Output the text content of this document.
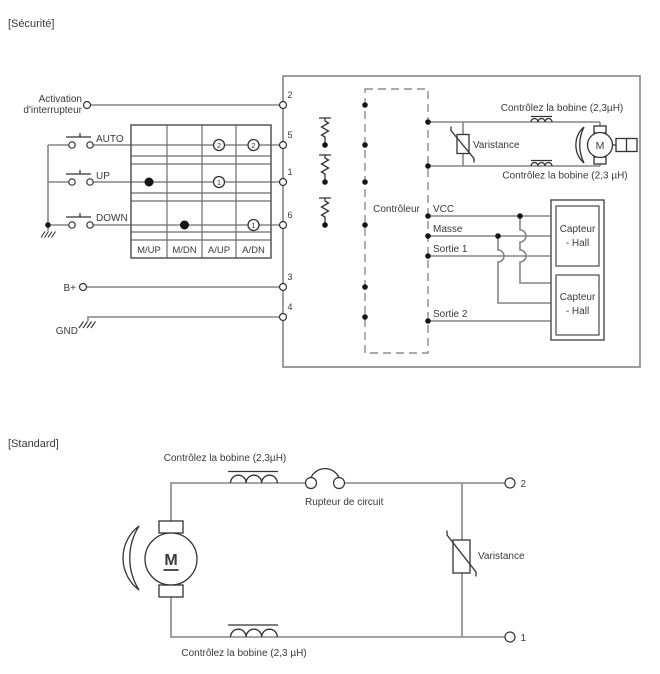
[Sécurité]
Contrôleur
Activation
d'interrupteur
AUTO
UP
DOWN
B+
GND
M/UP M/DN A/UP A/DN
2	2
1
1
2
5
1
6
3
4
Contrôlez la bobine (2,3µH)
Contrôlez la bobine (2,3 µH)
Varistance	M
VCC
Masse
Sortie 1
Sortie 2
Capteur
- Hall
Capteur
- Hall
[Standard]
Contrôlez la bobine (2,3µH)
Contrôlez la bobine (2,3 µH)
Rupteur de circuit
M	Varistance
2
1
